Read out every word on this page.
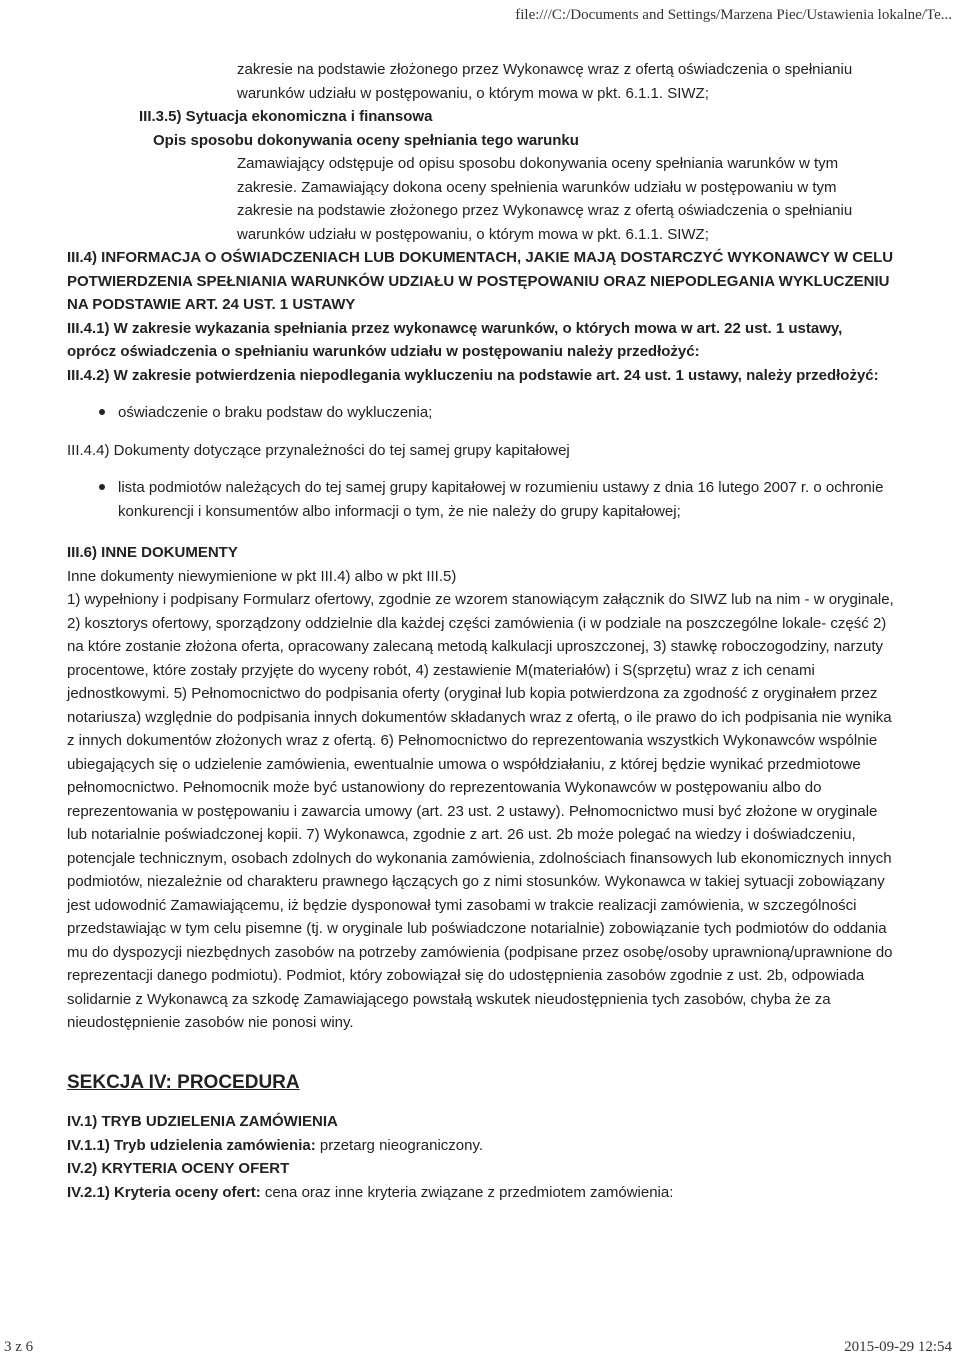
file:///C:/Documents and Settings/Marzena Piec/Ustawienia lokalne/Te...

zakresie na podstawie złożonego przez Wykonawcę wraz z ofertą oświadczenia o spełnianiu warunków udziału w postępowaniu, o którym mowa w pkt. 6.1.1. SIWZ;

III.3.5) Sytuacja ekonomiczna i finansowa
Opis sposobu dokonywania oceny spełniania tego warunku

Zamawiający odstępuje od opisu sposobu dokonywania oceny spełniania warunków w tym zakresie. Zamawiający dokona oceny spełnienia warunków udziału w postępowaniu w tym zakresie na podstawie złożonego przez Wykonawcę wraz z ofertą oświadczenia o spełnianiu warunków udziału w postępowaniu, o którym mowa w pkt. 6.1.1. SIWZ;

III.4) INFORMACJA O OŚWIADCZENIACH LUB DOKUMENTACH, JAKIE MAJĄ DOSTARCZYĆ WYKONAWCY W CELU POTWIERDZENIA SPEŁNIANIA WARUNKÓW UDZIAŁU W POSTĘPOWANIU ORAZ NIEPODLEGANIA WYKLUCZENIU NA PODSTAWIE ART. 24 UST. 1 USTAWY

III.4.1) W zakresie wykazania spełniania przez wykonawcę warunków, o których mowa w art. 22 ust. 1 ustawy, oprócz oświadczenia o spełnianiu warunków udziału w postępowaniu należy przedłożyć:

III.4.2) W zakresie potwierdzenia niepodlegania wykluczeniu na podstawie art. 24 ust. 1 ustawy, należy przedłożyć:

oświadczenie o braku podstaw do wykluczenia;

III.4.4) Dokumenty dotyczące przynależności do tej samej grupy kapitałowej

lista podmiotów należących do tej samej grupy kapitałowej w rozumieniu ustawy z dnia 16 lutego 2007 r. o ochronie konkurencji i konsumentów albo informacji o tym, że nie należy do grupy kapitałowej;

III.6) INNE DOKUMENTY

Inne dokumenty niewymienione w pkt III.4) albo w pkt III.5)

1) wypełniony i podpisany Formularz ofertowy, zgodnie ze wzorem stanowiącym załącznik do SIWZ lub na nim - w oryginale, 2) kosztorys ofertowy, sporządzony oddzielnie dla każdej części zamówienia (i w podziale na poszczególne lokale- część 2) na które zostanie złożona oferta, opracowany zalecaną metodą kalkulacji uproszczonej, 3) stawkę roboczogodziny, narzuty procentowe, które zostały przyjęte do wyceny robót, 4) zestawienie M(materiałów) i S(sprzętu) wraz z ich cenami jednostkowymi. 5) Pełnomocnictwo do podpisania oferty (oryginał lub kopia potwierdzona za zgodność z oryginałem przez notariusza) względnie do podpisania innych dokumentów składanych wraz z ofertą, o ile prawo do ich podpisania nie wynika z innych dokumentów złożonych wraz z ofertą. 6) Pełnomocnictwo do reprezentowania wszystkich Wykonawców wspólnie ubiegających się o udzielenie zamówienia, ewentualnie umowa o współdziałaniu, z której będzie wynikać przedmiotowe pełnomocnictwo. Pełnomocnik może być ustanowiony do reprezentowania Wykonawców w postępowaniu albo do reprezentowania w postępowaniu i zawarcia umowy (art. 23 ust. 2 ustawy). Pełnomocnictwo musi być złożone w oryginale lub notarialnie poświadczonej kopii. 7) Wykonawca, zgodnie z art. 26 ust. 2b może polegać na wiedzy i doświadczeniu, potencjale technicznym, osobach zdolnych do wykonania zamówienia, zdolnościach finansowych lub ekonomicznych innych podmiotów, niezależnie od charakteru prawnego łączących go z nimi stosunków. Wykonawca w takiej sytuacji zobowiązany jest udowodnić Zamawiającemu, iż będzie dysponował tymi zasobami w trakcie realizacji zamówienia, w szczególności przedstawiając w tym celu pisemne (tj. w oryginale lub poświadczone notarialnie) zobowiązanie tych podmiotów do oddania mu do dyspozycji niezbędnych zasobów na potrzeby zamówienia (podpisane przez osobę/osoby uprawnioną/uprawnione do reprezentacji danego podmiotu). Podmiot, który zobowiązał się do udostępnienia zasobów zgodnie z ust. 2b, odpowiada solidarnie z Wykonawcą za szkodę Zamawiającego powstałą wskutek nieudostępnienia tych zasobów, chyba że za nieudostępnienie zasobów nie ponosi winy.

SEKCJA IV: PROCEDURA

IV.1) TRYB UDZIELENIA ZAMÓWIENIA

IV.1.1) Tryb udzielenia zamówienia: przetarg nieograniczony.

IV.2) KRYTERIA OCENY OFERT

IV.2.1) Kryteria oceny ofert: cena oraz inne kryteria związane z przedmiotem zamówienia:

3 z 6	2015-09-29 12:54
